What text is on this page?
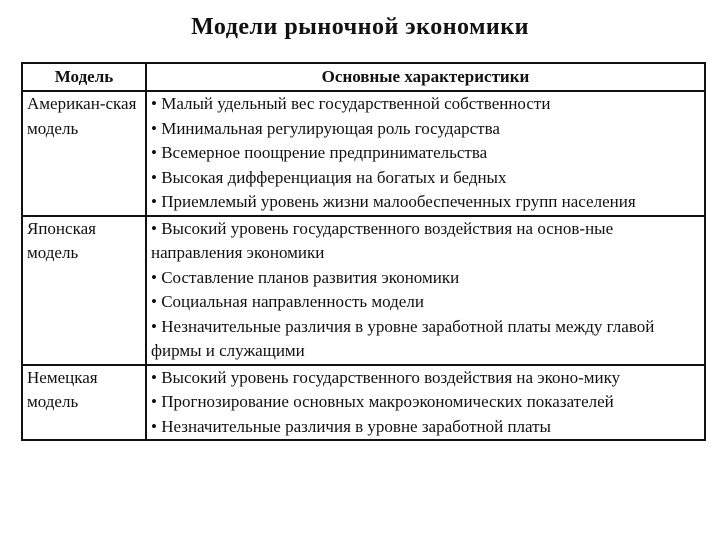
Модели рыночной экономики
Модель	Основные характеристики

Американ-ская модель	• Малый удельный вес государственной собственности
• Минимальная регулирующая роль государства
• Всемерное поощрение предпринимательства
• Высокая дифференциация на богатых и бедных
• Приемлемый уровень жизни малообеспеченных групп населения

Японская модель	• Высокий уровень государственного воздействия на основ-ные направления экономики
• Составление планов развития экономики
• Социальная направленность модели
• Незначительные различия в уровне заработной платы между главой фирмы и служащими

Немецкая модель	• Высокий уровень государственного воздействия на эконо-мику
• Прогнозирование основных макроэкономических показателей
• Незначительные различия в уровне заработной платы
